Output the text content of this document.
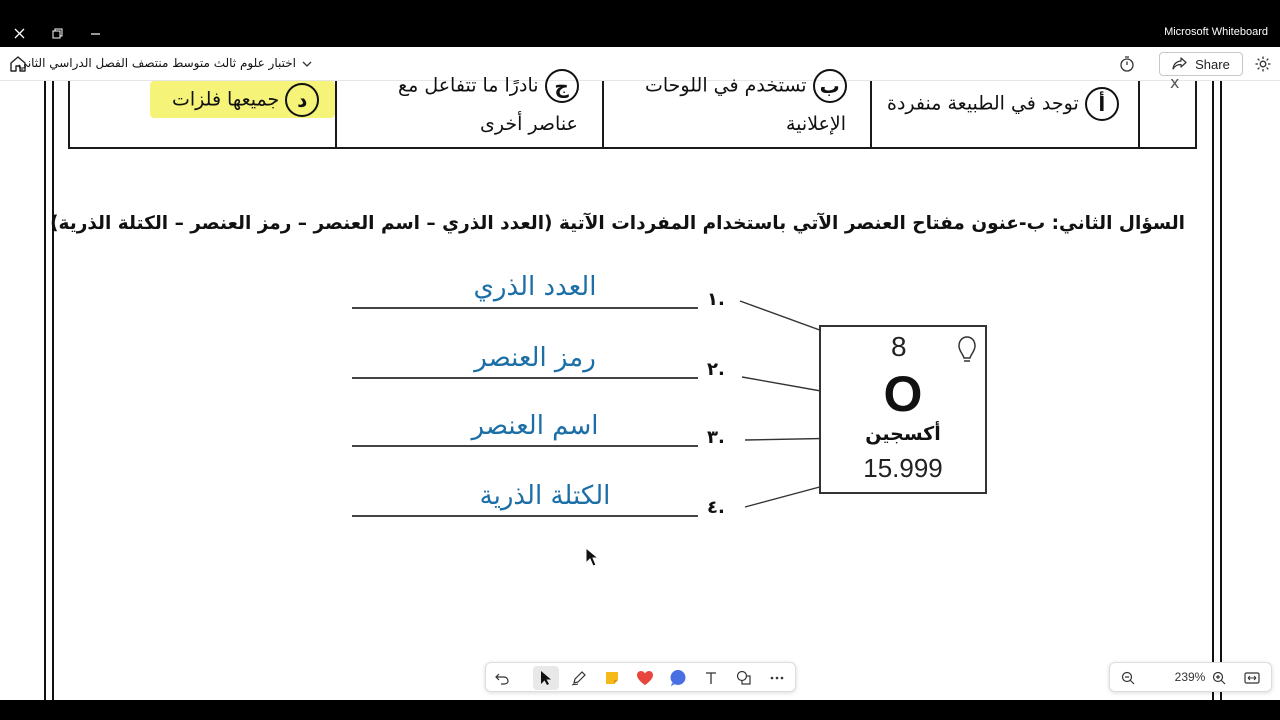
Microsoft Whiteboard
اختبار علوم ثالث متوسط منتصف الفصل الدراسي الثاني	Share
x
أ توجد في الطبيعة منفردة
ب تستخدم في اللوحات
الإعلانية
ج نادرًا ما تتفاعل مع
عناصر أخرى
د جميعها فلزات
السؤال الثاني: ب-عنون مفتاح العنصر الآتي باستخدام المفردات الآتية (العدد الذري – اسم العنصر – رمز العنصر – الكتلة الذرية)
العدد الذري	.١
رمز العنصر	.٢
اسم العنصر	.٣
الكتلة الذرية	.٤
8
O
أكسجين
15.999
239%
